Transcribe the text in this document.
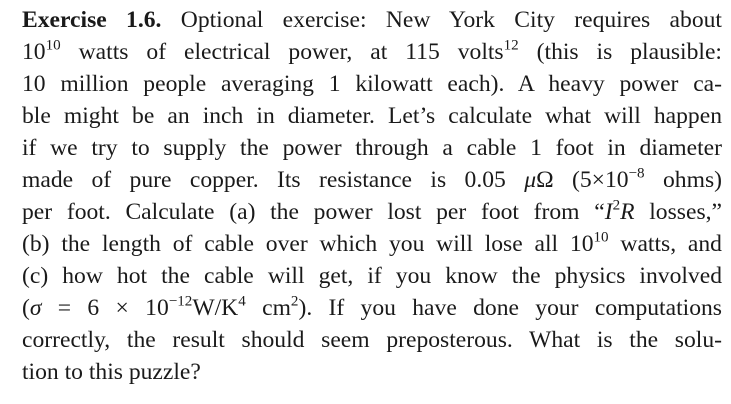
Exercise 1.6. Optional exercise: New York City requires about
$10^{10}$ watts of electrical power, at 115 volts$^{12}$ (this is plausible:
10 million people averaging 1 kilowatt each). A heavy power ca-
ble might be an inch in diameter. Let’s calculate what will happen
if we try to supply the power through a cable 1 foot in diameter
made of pure copper. Its resistance is 0.05 μΩ ($5\times 10^{-8}$ ohms)
per foot. Calculate (a) the power lost per foot from “$I^2R$ losses,”
(b) the length of cable over which you will lose all $10^{10}$ watts, and
(c) how hot the cable will get, if you know the physics involved
($\sigma = 6 \times 10^{-12}W/K^4$ $cm^2$). If you have done your computations
correctly, the result should seem preposterous. What is the solu-
tion to this puzzle?
